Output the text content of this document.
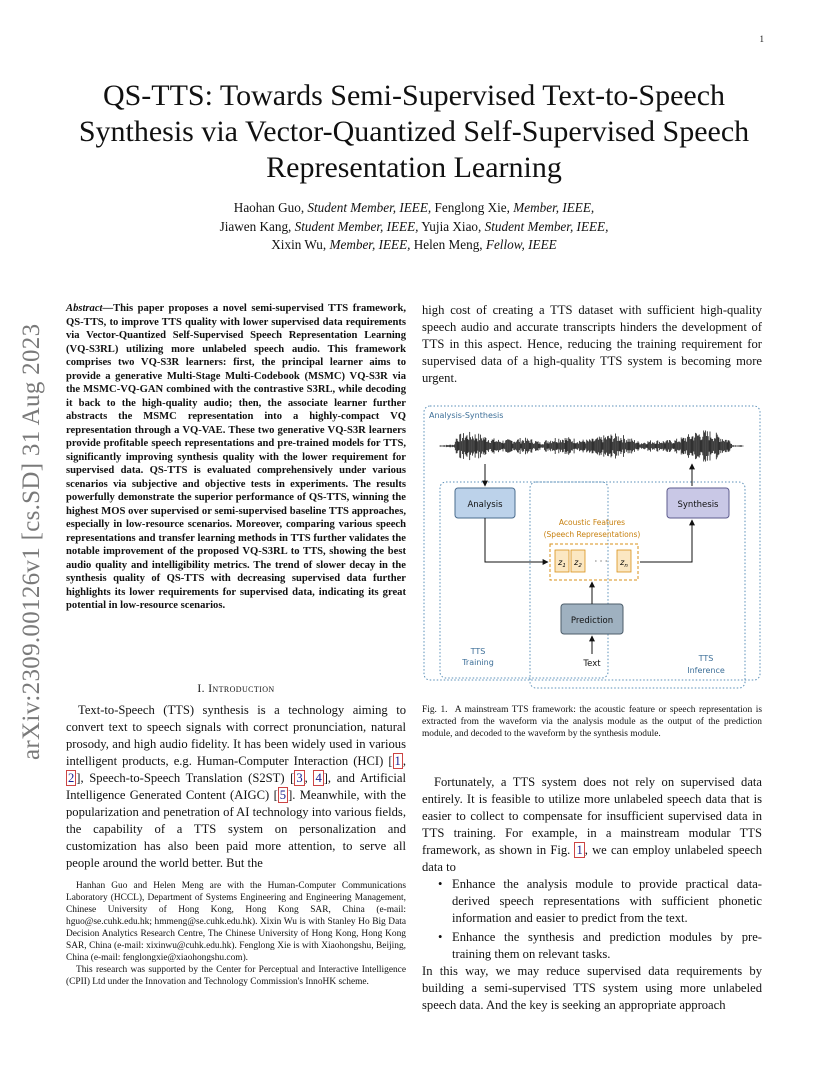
1
arXiv:2309.00126v1 [cs.SD] 31 Aug 2023
QS-TTS: Towards Semi-Supervised Text-to-Speech Synthesis via Vector-Quantized Self-Supervised Speech Representation Learning
Haohan Guo, Student Member, IEEE, Fenglong Xie, Member, IEEE,
Jiawen Kang, Student Member, IEEE, Yujia Xiao, Student Member, IEEE,
Xixin Wu, Member, IEEE, Helen Meng, Fellow, IEEE
Abstract—This paper proposes a novel semi-supervised TTS framework, QS-TTS, to improve TTS quality with lower supervised data requirements via Vector-Quantized Self-Supervised Speech Representation Learning (VQ-S3RL) utilizing more unlabeled speech audio. This framework comprises two VQ-S3R learners: first, the principal learner aims to provide a generative Multi-Stage Multi-Codebook (MSMC) VQ-S3R via the MSMC-VQ-GAN combined with the contrastive S3RL, while decoding it back to the high-quality audio; then, the associate learner further abstracts the MSMC representation into a highly-compact VQ representation through a VQ-VAE. These two generative VQ-S3R learners provide profitable speech representations and pre-trained models for TTS, significantly improving synthesis quality with the lower requirement for supervised data. QS-TTS is evaluated comprehensively under various scenarios via subjective and objective tests in experiments. The results powerfully demonstrate the superior performance of QS-TTS, winning the highest MOS over supervised or semi-supervised baseline TTS approaches, especially in low-resource scenarios. Moreover, comparing various speech representations and transfer learning methods in TTS further validates the notable improvement of the proposed VQ-S3RL to TTS, showing the best audio quality and intelligibility metrics. The trend of slower decay in the synthesis quality of QS-TTS with decreasing supervised data further highlights its lower requirements for supervised data, indicating its great potential in low-resource scenarios.
I. Introduction
Text-to-Speech (TTS) synthesis is a technology aiming to convert text to speech signals with correct pronunciation, natural prosody, and high audio fidelity. It has been widely used in various intelligent products, e.g. Human-Computer Interaction (HCI) [ 1 , 2 ], Speech-to-Speech Translation (S2ST) [ 3 , 4 ], and Artificial Intelligence Generated Content (AIGC) [ 5 ]. Meanwhile, with the popularization and penetration of AI technology into various fields, the capability of a TTS system on personalization and customization has also been paid more attention, to serve all people around the world better. But the

Hanhan Guo and Helen Meng are with the Human-Computer Communications Laboratory (HCCL), Department of Systems Engineering and Engineering Management, Chinese University of Hong Kong, Hong Kong SAR, China (e-mail: hguo@se.cuhk.edu.hk; hmmeng@se.cuhk.edu.hk). Xixin Wu is with Stanley Ho Big Data Decision Analytics Research Centre, The Chinese University of Hong Kong, Hong Kong SAR, China (e-mail: xixinwu@cuhk.edu.hk). Fenglong Xie is with Xiaohongshu, Beijing, China (e-mail: fenglongxie@xiaohongshu.com).

This research was supported by the Center for Perceptual and Interactive Intelligence (CPII) Ltd under the Innovation and Technology Commission's InnoHK scheme.

high cost of creating a TTS dataset with sufficient high-quality speech audio and accurate transcripts hinders the development of TTS in this aspect. Hence, reducing the training requirement for supervised data of a high-quality TTS system is becoming more urgent.
Analysis-Synthesis
TTS
Training	TTS
Inference
Analysis	Synthesis
Acoustic Features
(Speech Representations)
$z_1$ $z_2$ · · · $z_n$
Prediction
Text
Fig. 1. A mainstream TTS framework: the acoustic feature or speech representation is extracted from the waveform via the analysis module as the output of the prediction module, and decoded to the waveform by the synthesis module.
Fortunately, a TTS system does not rely on supervised data entirely. It is feasible to utilize more unlabeled speech data that is easier to collect to compensate for insufficient supervised data in TTS training. For example, in a mainstream modular TTS framework, as shown in Fig. 1 , we can employ unlabeled speech data to
• Enhance the analysis module to provide practical data-derived speech representations with sufficient phonetic information and easier to predict from the text.
• Enhance the synthesis and prediction modules by pre-training them on relevant tasks.
In this way, we may reduce supervised data requirements by building a semi-supervised TTS system using more unlabeled speech data. And the key is seeking an appropriate approach
